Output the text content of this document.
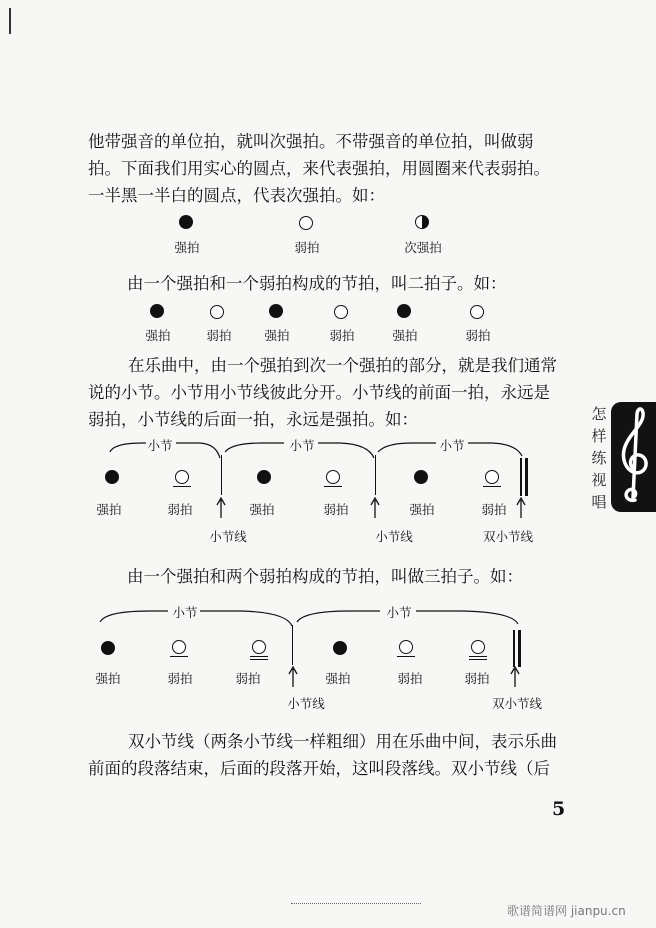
他带强音的单位拍，就叫次强拍。不带强音的单位拍，叫做弱
拍。下面我们用实心的圆点，来代表强拍，用圆圈来代表弱拍。
一半黑一半白的圆点，代表次强拍。如：

强拍	弱拍	次强拍

由一个强拍和一个弱拍构成的节拍，叫二拍子。如：

强拍	弱拍	强拍	弱拍	强拍	弱拍

在乐曲中，由一个强拍到次一个强拍的部分，就是我们通常
说的小节。小节用小节线彼此分开。小节线的前面一拍，永远是
弱拍，小节线的后面一拍，永远是强拍。如：

小节	小节	小节
强拍	弱拍	强拍	弱拍	强拍	弱拍
小节线	小节线	双小节线

由一个强拍和两个弱拍构成的节拍，叫做三拍子。如：

小节	小节
强拍	弱拍	弱拍	强拍	弱拍	弱拍
小节线	双小节线

双小节线（两条小节线一样粗细）用在乐曲中间，表示乐曲
前面的段落结束，后面的段落开始，这叫段落线。双小节线（后

怎
样
练
视
唱
5
歌谱简谱网 jianpu.cn
